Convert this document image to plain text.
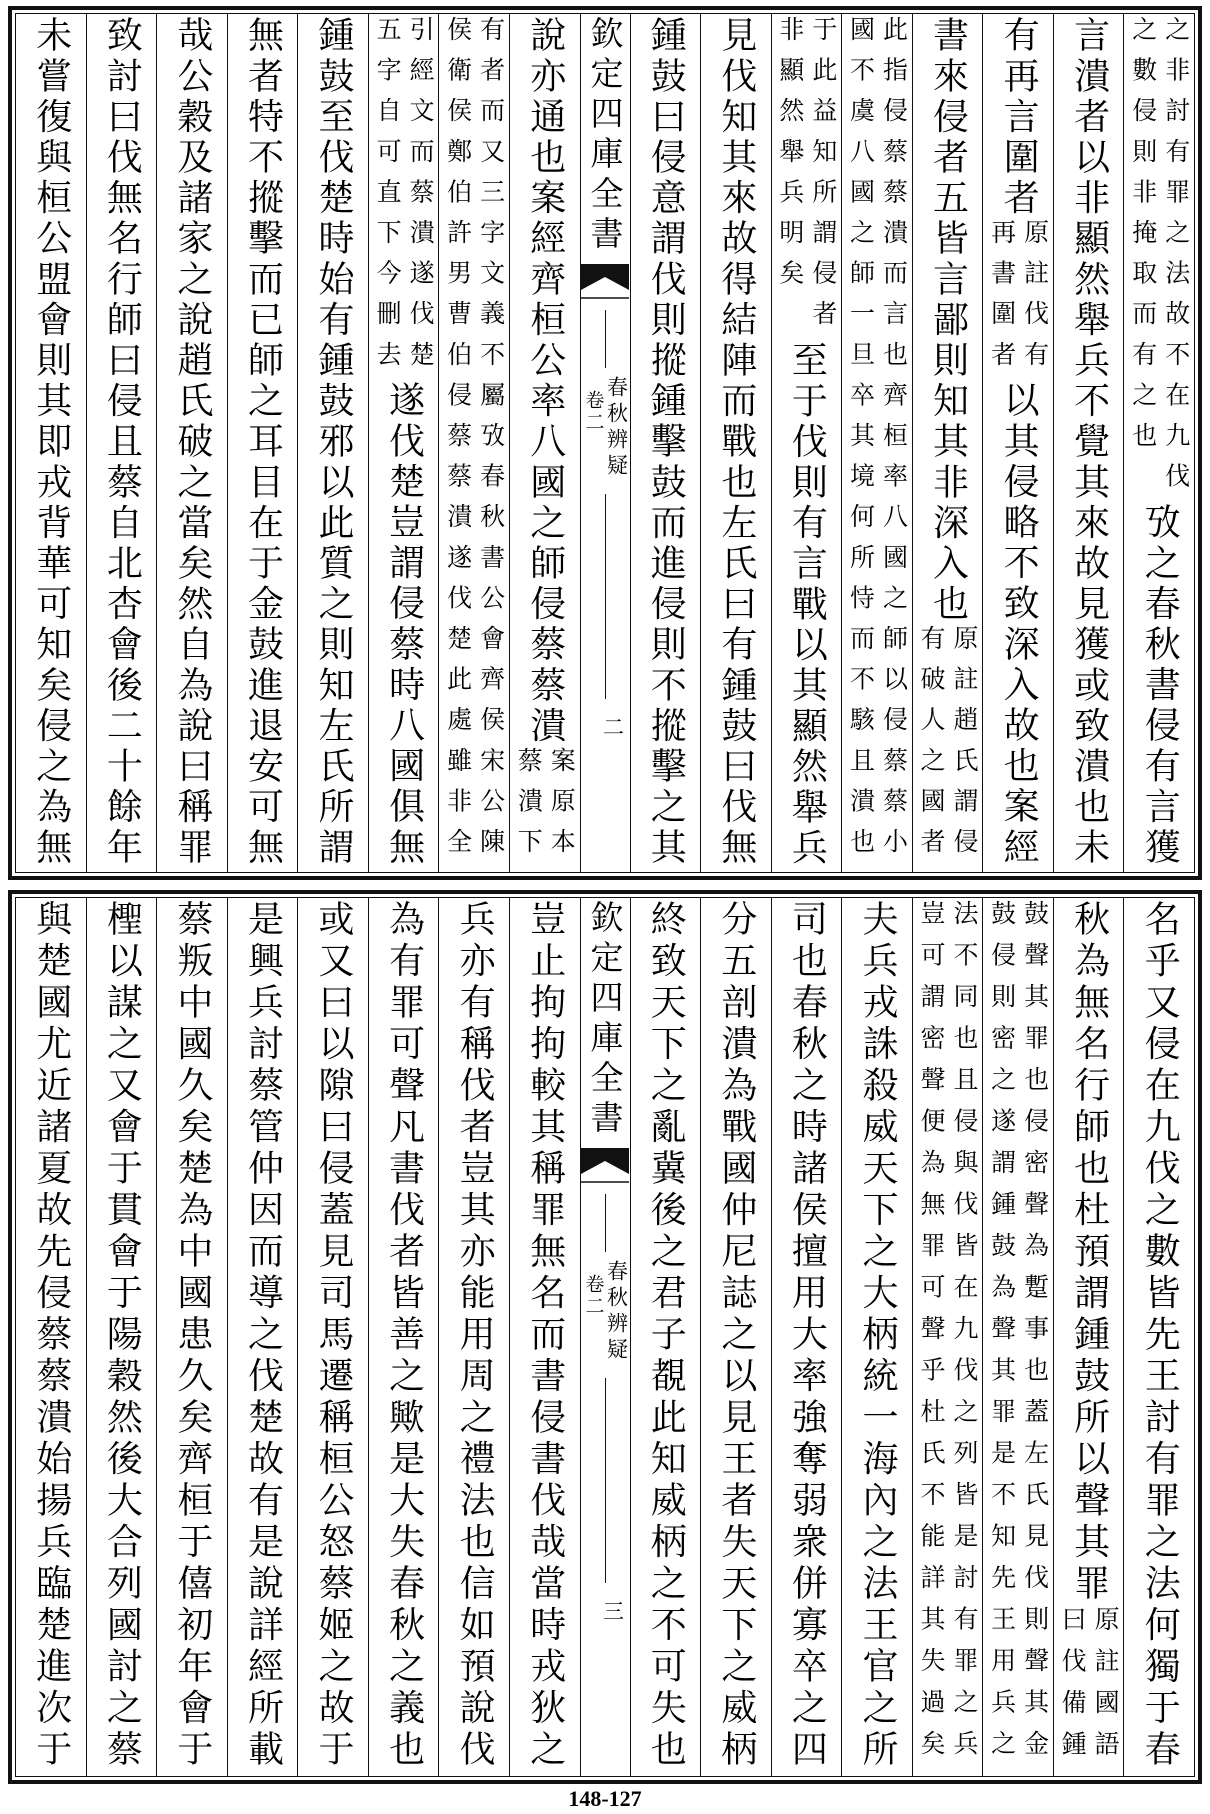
之非討有罪之法故不在九伐
之數侵則非掩取而有之也
攷之春秋書侵有言獲
言潰者以非顯然舉兵不覺其來故見獲或致潰也未
有再言圍者
原註伐有
再書圍者
以其侵略不致深入故也案經
書來侵者五皆言鄙則知其非深入也
原註趙氏謂侵
有破人之國者
此指侵蔡蔡潰而言也齊桓率八國之師以侵蔡蔡小
國不虞八國之師一旦卒其境何所恃而不駭且潰也
于此益知所謂侵者
非顯然舉兵明矣
至于伐則有言戰以其顯然舉兵
見伐知其來故得結陣而戰也左氏曰有鍾鼓曰伐無
鍾鼓曰侵意謂伐則摐鍾擊鼓而進侵則不摐擊之其
欽定四庫全書
春秋辨疑
卷二
二
說亦通也案經齊桓公率八國之師侵蔡蔡潰
案原本
蔡潰下
有者而又三字文義不屬攷春秋書公會齊侯宋公陳
侯衛侯鄭伯許男曹伯侵蔡蔡潰遂伐楚此處雖非全
引經文而蔡潰遂伐楚
五字自可直下今刪去
遂伐楚豈謂侵蔡時八國俱無
鍾鼓至伐楚時始有鍾鼓邪以此質之則知左氏所謂
無者特不摐擊而已師之耳目在于金鼓進退安可無
哉公穀及諸家之說趙氏破之當矣然自為說曰稱罪
致討曰伐無名行師曰侵且蔡自北杏會後二十餘年
未嘗復與桓公盟會則其即戎背華可知矣侵之為無
名乎又侵在九伐之數皆先王討有罪之法何獨于春
秋為無名行師也杜預謂鍾鼓所以聲其罪
原註國語
曰伐備鍾
鼓聲其罪也侵密聲為蹔事也蓋左氏見伐則聲其金
鼓侵則密之遂謂鍾鼓為聲其罪是不知先王用兵之
法不同也且侵與伐皆在九伐之列皆是討有罪之兵
豈可謂密聲便為無罪可聲乎杜氏不能詳其失過矣
夫兵戎誅殺威天下之大柄統一海內之法王官之所
司也春秋之時諸侯擅用大率強奪弱衆併寡卒之四
分五剖潰為戰國仲尼誌之以見王者失天下之威柄
終致天下之亂冀後之君子覩此知威柄之不可失也
欽定四庫全書
春秋辨疑
卷二
三
豈止拘拘較其稱罪無名而書侵書伐哉當時戎狄之
兵亦有稱伐者豈其亦能用周之禮法也信如預說伐
為有罪可聲凡書伐者皆善之歟是大失春秋之義也
或又曰以隙曰侵蓋見司馬遷稱桓公怒蔡姬之故于
是興兵討蔡管仲因而導之伐楚故有是說詳經所載
蔡叛中國久矣楚為中國患久矣齊桓于僖初年會于
檉以謀之又會于貫會于陽穀然後大合列國討之蔡
與楚國尤近諸夏故先侵蔡蔡潰始揚兵臨楚進次于
148-127
